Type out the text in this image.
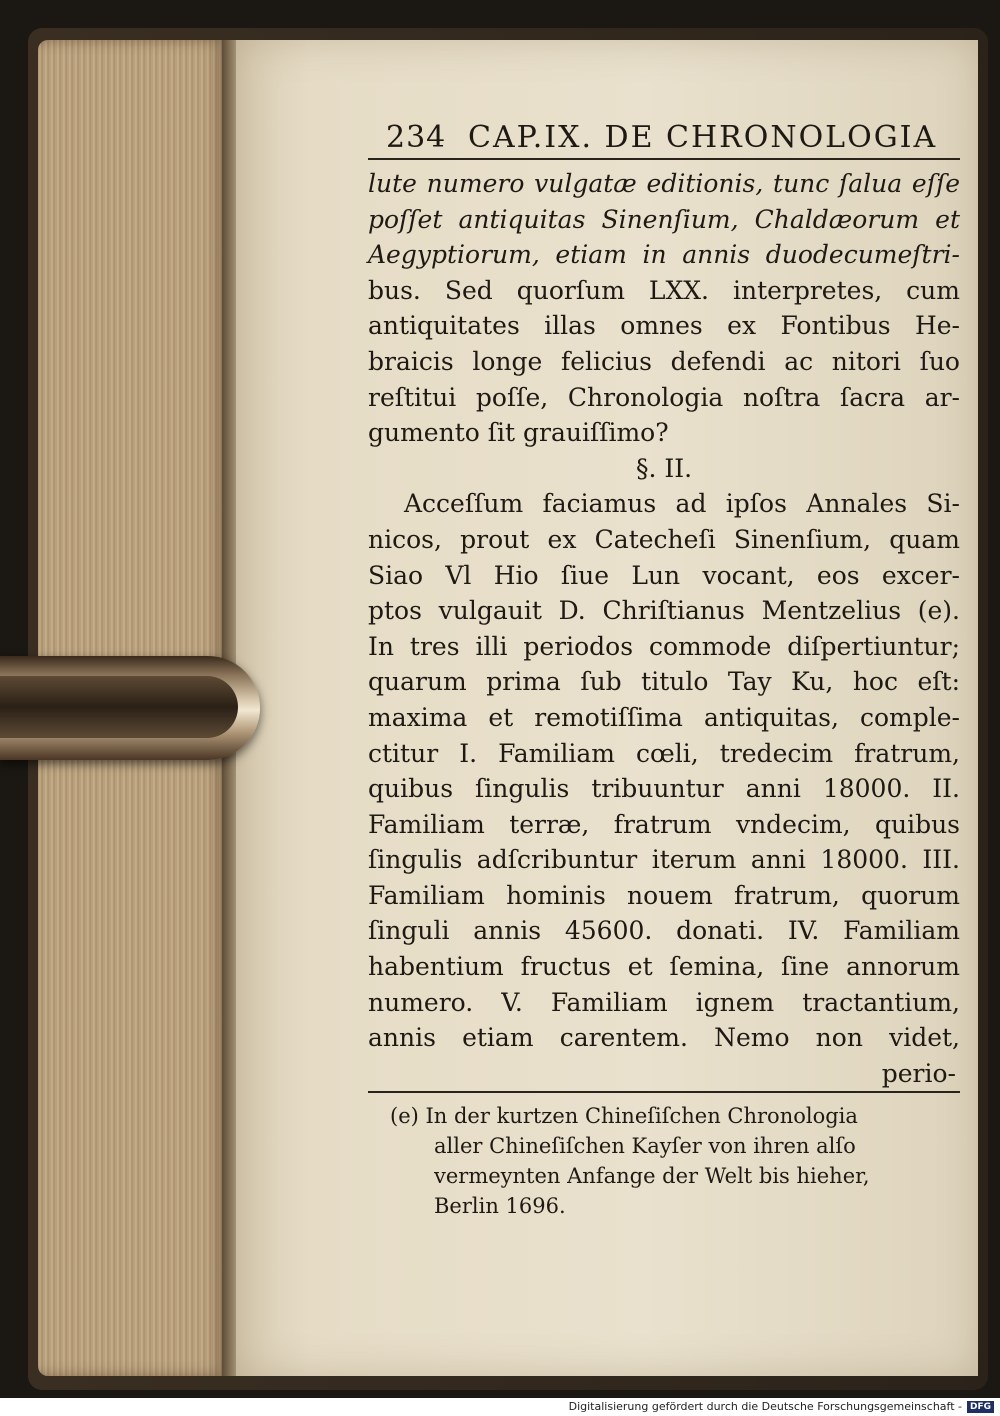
234 CAP.IX. DE CHRONOLOGIA
lute numero vulgatæ editionis, tunc ſalua eſſe
poſſet antiquitas Sinenſium, Chaldæorum et
Aegyptiorum, etiam in annis duodecumeſtri-
bus. Sed quorſum LXX. interpretes, cum
antiquitates illas omnes ex Fontibus He-
braicis longe felicius defendi ac nitori ſuo
reſtitui poſſe, Chronologia noſtra ſacra ar-
gumento ſit grauiſſimo?
§. II.
Acceſſum faciamus ad ipſos Annales Si-
nicos, prout ex Catecheſi Sinenſium, quam
Siao Vl Hio ſiue Lun vocant, eos excer-
ptos vulgauit D. Chriſtianus Mentzelius (e).
In tres illi periodos commode diſpertiuntur;
quarum prima ſub titulo Tay Ku, hoc eſt:
maxima et remotiſſima antiquitas, comple-
ctitur I. Familiam cœli, tredecim fratrum,
quibus ſingulis tribuuntur anni 18000. II.
Familiam terræ, fratrum vndecim, quibus
ſingulis adſcribuntur iterum anni 18000. III.
Familiam hominis nouem fratrum, quorum
ſinguli annis 45600. donati. IV. Familiam
habentium fructus et ſemina, ſine annorum
numero. V. Familiam ignem tractantium,
annis etiam carentem. Nemo non videt,
perio-
(e) In der kurtzen Chineſiſchen Chronologia
aller Chineſiſchen Kayſer von ihren alſo
vermeynten Anfange der Welt bis hieher,
Berlin 1696.
Digitalisierung gefördert durch die Deutsche Forschungsgemeinschaft - DFG
